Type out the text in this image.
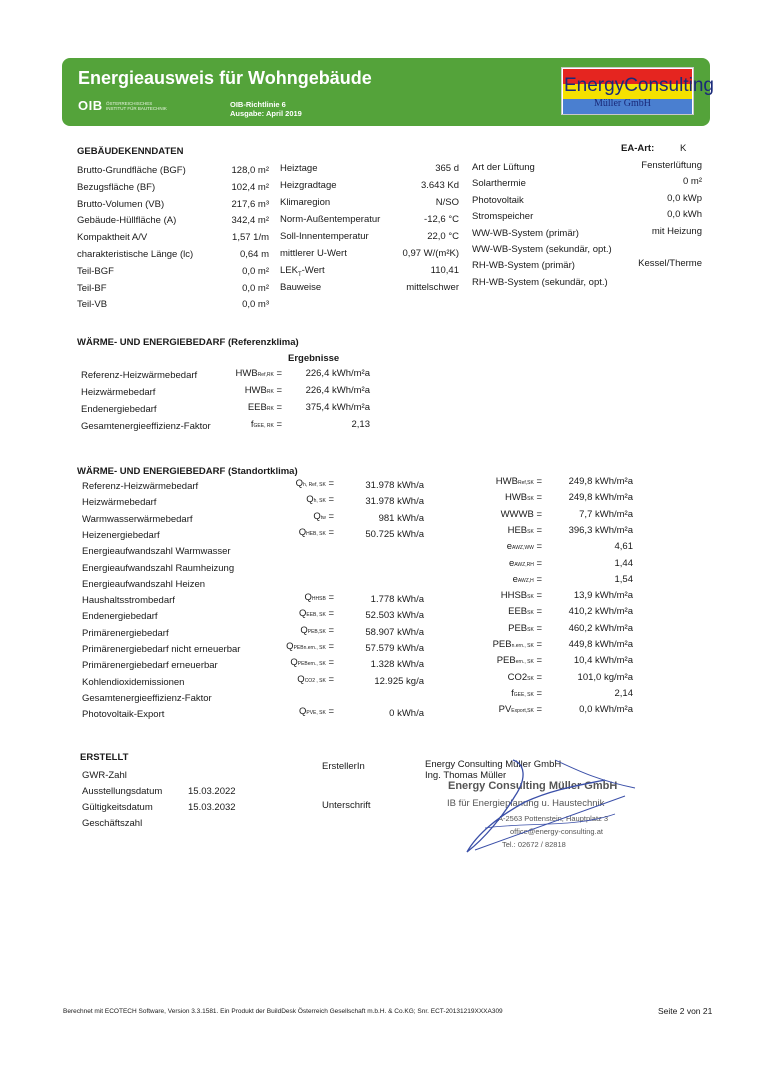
Energieausweis für Wohngebäude
OIB ÖSTERREICHISCHES
INSTITUT FÜR BAUTECHNIK	OIB-Richtlinie 6
Ausgabe: April 2019
EnergyConsulting
Müller GmbH
GEBÄUDEKENNDATEN	EA-Art:	K
Brutto-Grundfläche (BGF)	128,0 m²
Bezugsfläche (BF)	102,4 m²
Brutto-Volumen (VB)	217,6 m³
Gebäude-Hüllfläche (A)	342,4 m²
Kompaktheit A/V	1,57 1/m
charakteristische Länge (lc)	0,64 m
Teil-BGF	0,0 m²
Teil-BF	0,0 m²
Teil-VB	0,0 m³
Heiztage	365 d
Heizgradtage	3.643 Kd
Klimaregion	N/SO
Norm-Außentemperatur	-12,6 °C
Soll-Innentemperatur	22,0 °C
mittlerer U-Wert	0,97 W/(m²K)
$LEK_T$-Wert	110,41
Bauweise	mittelschwer
Art der Lüftung	Fensterlüftung
Solarthermie	0 m²
Photovoltaik	0,0 kWp
Stromspeicher	0,0 kWh
WW-WB-System (primär)	mit Heizung
WW-WB-System (sekundär, opt.)
RH-WB-System (primär)	Kessel/Therme
RH-WB-System (sekundär, opt.)
WÄRME- UND ENERGIEBEDARF (Referenzklima)
Ergebnisse
Referenz-Heizwärmebedarf	HWBRef,RK = 226,4 kWh/m²a
Heizwärmebedarf	HWBRK = 226,4 kWh/m²a
Endenergiebedarf	EEBRK = 375,4 kWh/m²a
Gesamtenergieeffizienz-Faktor	fGEE, RK =	2,13
WÄRME- UND ENERGIEBEDARF (Standortklima)
Referenz-Heizwärmebedarf	Qh, Ref, SK =	31.978 kWh/a	HWBRef,SK =	249,8 kWh/m²a
Heizwärmebedarf	Qh, SK =	31.978 kWh/a	HWBSK =	249,8 kWh/m²a
Warmwasserwärmebedarf	Qtw =	981 kWh/a	WWWB =	7,7 kWh/m²a
Heizenergiebedarf	QHEB, SK =	50.725 kWh/a	HEBSK =	396,3 kWh/m²a
Energieaufwandszahl Warmwasser	eAWZ,WW =	4,61
Energieaufwandszahl Raumheizung	eAWZ,RH =	1,44
Energieaufwandszahl Heizen	eAWZ,H =	1,54
Haushaltsstrombedarf	QHHSB =	1.778 kWh/a	HHSBSK =	13,9 kWh/m²a
Endenergiebedarf	QEEB, SK =	52.503 kWh/a	EEBSK =	410,2 kWh/m²a
Primärenergiebedarf	QPEB,SK =	58.907 kWh/a	PEBSK =	460,2 kWh/m²a
Primärenergiebedarf nicht erneuerbar	QPEBn.ern., SK =	57.579 kWh/a	PEBn.ern., SK =	449,8 kWh/m²a
Primärenergiebedarf erneuerbar	QPEBern., SK =	1.328 kWh/a	PEBern., SK =	10,4 kWh/m²a
Kohlendioxidemissionen	QCO2 , SK =	12.925 kg/a	CO2SK =	101,0 kg/m²a
Gesamtenergieeffizienz-Faktor	fGEE, SK =	2,14
Photovoltaik-Export	QPVE, SK =	0 kWh/a	PVExport,SK =	0,0 kWh/m²a
ERSTELLT
GWR-Zahl
Ausstellungsdatum	15.03.2022
Gültigkeitsdatum	15.03.2032
Geschäftszahl
ErstellerIn
Unterschrift
Energy Consulting Müller GmbH
Ing. Thomas Müller
Energy Consulting Müller GmbH
IB für Energieplanung u. Haustechnik
A-2563 Pottenstein, Hauptplatz 3
office@energy-consulting.at
Tel.: 02672 / 82818
Berechnet mit ECOTECH Software, Version 3.3.1581. Ein Produkt der BuildDesk Österreich Gesellschaft m.b.H. & Co.KG; Snr. ECT-20131219XXXA309	Seite 2 von 21
